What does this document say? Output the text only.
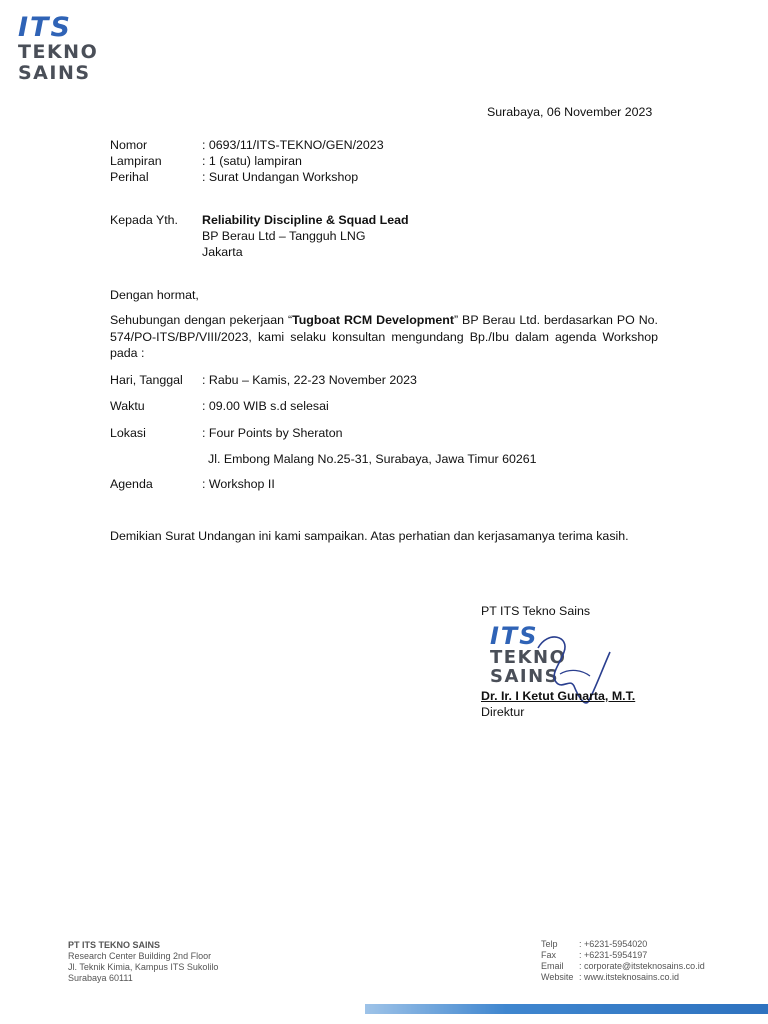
ITS
TEKNO
SAINS
Surabaya, 06 November 2023
Nomor	: 0693/11/ITS-TEKNO/GEN/2023
Lampiran	: 1 (satu) lampiran
Perihal	: Surat Undangan Workshop
Kepada Yth. Reliability Discipline & Squad Lead
BP Berau Ltd – Tangguh LNG
Jakarta
Dengan hormat,
Sehubungan dengan pekerjaan “Tugboat RCM Development” BP Berau Ltd. berdasarkan PO No. 574/PO-ITS/BP/VIII/2023, kami selaku konsultan mengundang Bp./Ibu dalam agenda Workshop pada :
Hari, Tanggal : Rabu – Kamis, 22-23 November 2023
Waktu	: 09.00 WIB s.d selesai
Lokasi	: Four Points by Sheraton
Jl. Embong Malang No.25-31, Surabaya, Jawa Timur 60261
Agenda	: Workshop II
Demikian Surat Undangan ini kami sampaikan. Atas perhatian dan kerjasamanya terima kasih.
PT ITS Tekno Sains
ITS
TEKNO
SAINS
Dr. Ir. I Ketut Gunarta, M.T.
Direktur
PT ITS TEKNO SAINS
Research Center Building 2nd Floor
Jl. Teknik Kimia, Kampus ITS Sukolilo
Surabaya 60111
Telp : +6231-5954020
Fax	: +6231-5954197
Email : corporate@itsteknosains.co.id
Website : www.itsteknosains.co.id
